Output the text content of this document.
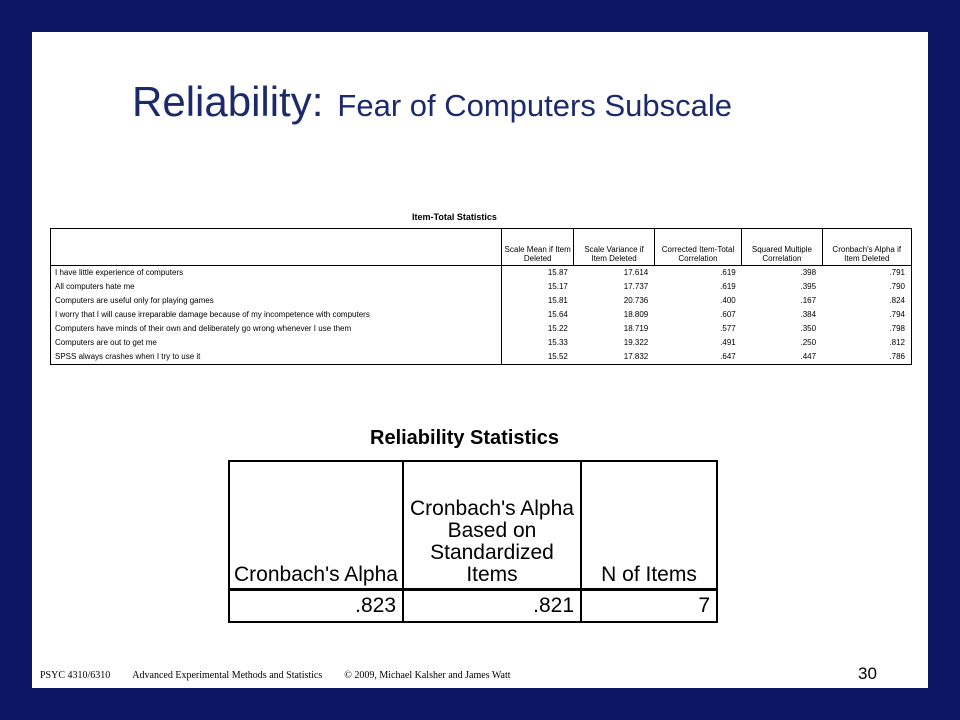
Reliability: Fear of Computers Subscale
Item-Total Statistics
	Scale Mean if Item Deleted	Scale Variance if Item Deleted	Corrected Item-Total Correlation	Squared Multiple Correlation	Cronbach's Alpha if Item Deleted
I have little experience of computers	15.87	17.614	.619	.398	.791
All computers hate me	15.17	17.737	.619	.395	.790
Computers are useful only for playing games	15.81	20.736	.400	.167	.824
I worry that I will cause irreparable damage because of my incompetence with computers	15.64	18.809	.607	.384	.794
Computers have minds of their own and deliberately go wrong whenever I use them	15.22	18.719	.577	.350	.798
Computers are out to get me	15.33	19.322	.491	.250	.812
SPSS always crashes when I try to use it	15.52	17.832	.647	.447	.786
Reliability Statistics
Cronbach's Alpha	Cronbach's Alpha Based on Standardized Items	N of Items
.823	.821	7
PSYC 4310/6310 Advanced Experimental Methods and Statistics © 2009, Michael Kalsher and James Watt	30
